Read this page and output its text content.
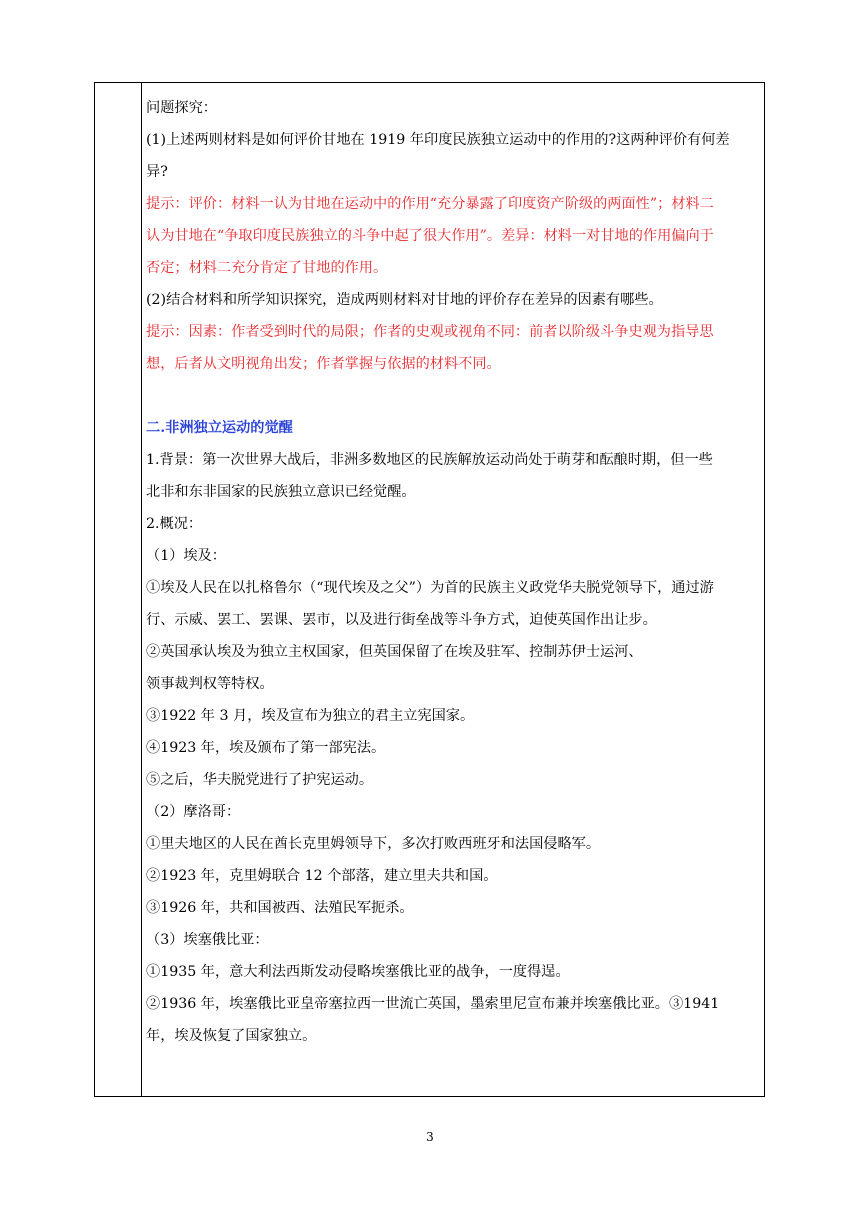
问题探究：
(1)上述两则材料是如何评价甘地在 1919 年印度民族独立运动中的作用的?这两种评价有何差
异?
提示：评价：材料一认为甘地在运动中的作用“充分暴露了印度资产阶级的两面性”；材料二
认为甘地在“争取印度民族独立的斗争中起了很大作用”。差异：材料一对甘地的作用偏向于
否定；材料二充分肯定了甘地的作用。
(2)结合材料和所学知识探究，造成两则材料对甘地的评价存在差异的因素有哪些。
提示：因素：作者受到时代的局限；作者的史观或视角不同：前者以阶级斗争史观为指导思
想，后者从文明视角出发；作者掌握与依据的材料不同。
二.非洲独立运动的觉醒
1.背景：第一次世界大战后，非洲多数地区的民族解放运动尚处于萌芽和酝酿时期，但一些
北非和东非国家的民族独立意识已经觉醒。
2.概况：
（1）埃及：
①埃及人民在以扎格鲁尔（“现代埃及之父”）为首的民族主义政党华夫脱党领导下，通过游
行、示威、罢工、罢课、罢市，以及进行街垒战等斗争方式，迫使英国作出让步。
②英国承认埃及为独立主权国家，但英国保留了在埃及驻军、控制苏伊士运河、
领事裁判权等特权。
③1922 年 3 月，埃及宣布为独立的君主立宪国家。
④1923 年，埃及颁布了第一部宪法。
⑤之后，华夫脱党进行了护宪运动。
（2）摩洛哥：
①里夫地区的人民在酋长克里姆领导下，多次打败西班牙和法国侵略军。
②1923 年，克里姆联合 12 个部落，建立里夫共和国。
③1926 年，共和国被西、法殖民军扼杀。
（3）埃塞俄比亚：
①1935 年，意大利法西斯发动侵略埃塞俄比亚的战争，一度得逞。
②1936 年，埃塞俄比亚皇帝塞拉西一世流亡英国，墨索里尼宣布兼并埃塞俄比亚。③1941
年，埃及恢复了国家独立。
3
